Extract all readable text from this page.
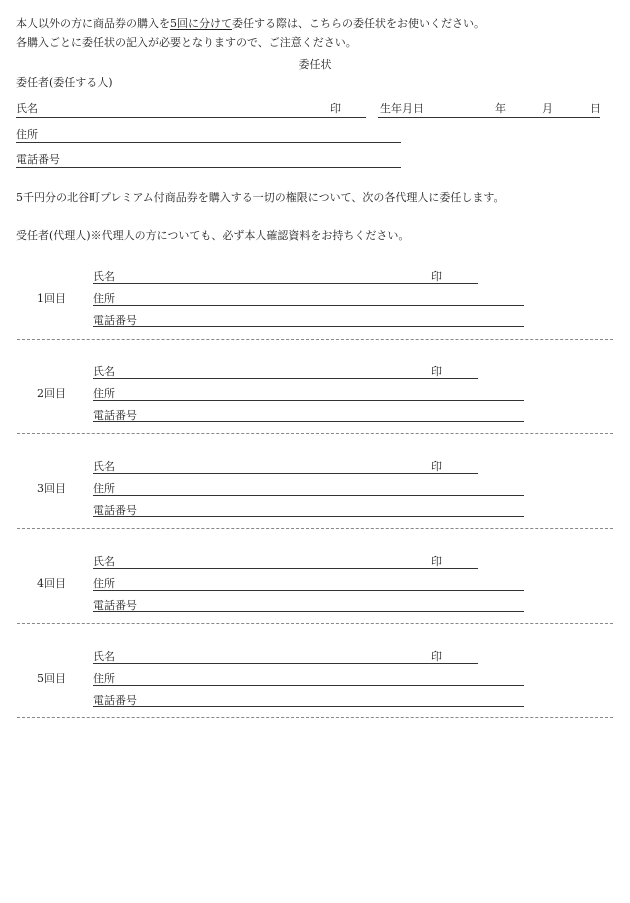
本人以外の方に商品券の購入を5回に分けて委任する際は、こちらの委任状をお使いください。
各購入ごとに委任状の記入が必要となりますので、ご注意ください。
委任状
委任者(委任する人)
氏名	印	生年月日	年	月	日
住所
電話番号
5千円分の北谷町プレミアム付商品券を購入する一切の権限について、次の各代理人に委任します。
受任者(代理人)※代理人の方についても、必ず本人確認資料をお持ちください。
1回目
氏名	印
住所
電話番号
2回目
氏名	印
住所
電話番号
3回目
氏名	印
住所
電話番号
4回目
氏名	印
住所
電話番号
5回目
氏名	印
住所
電話番号
